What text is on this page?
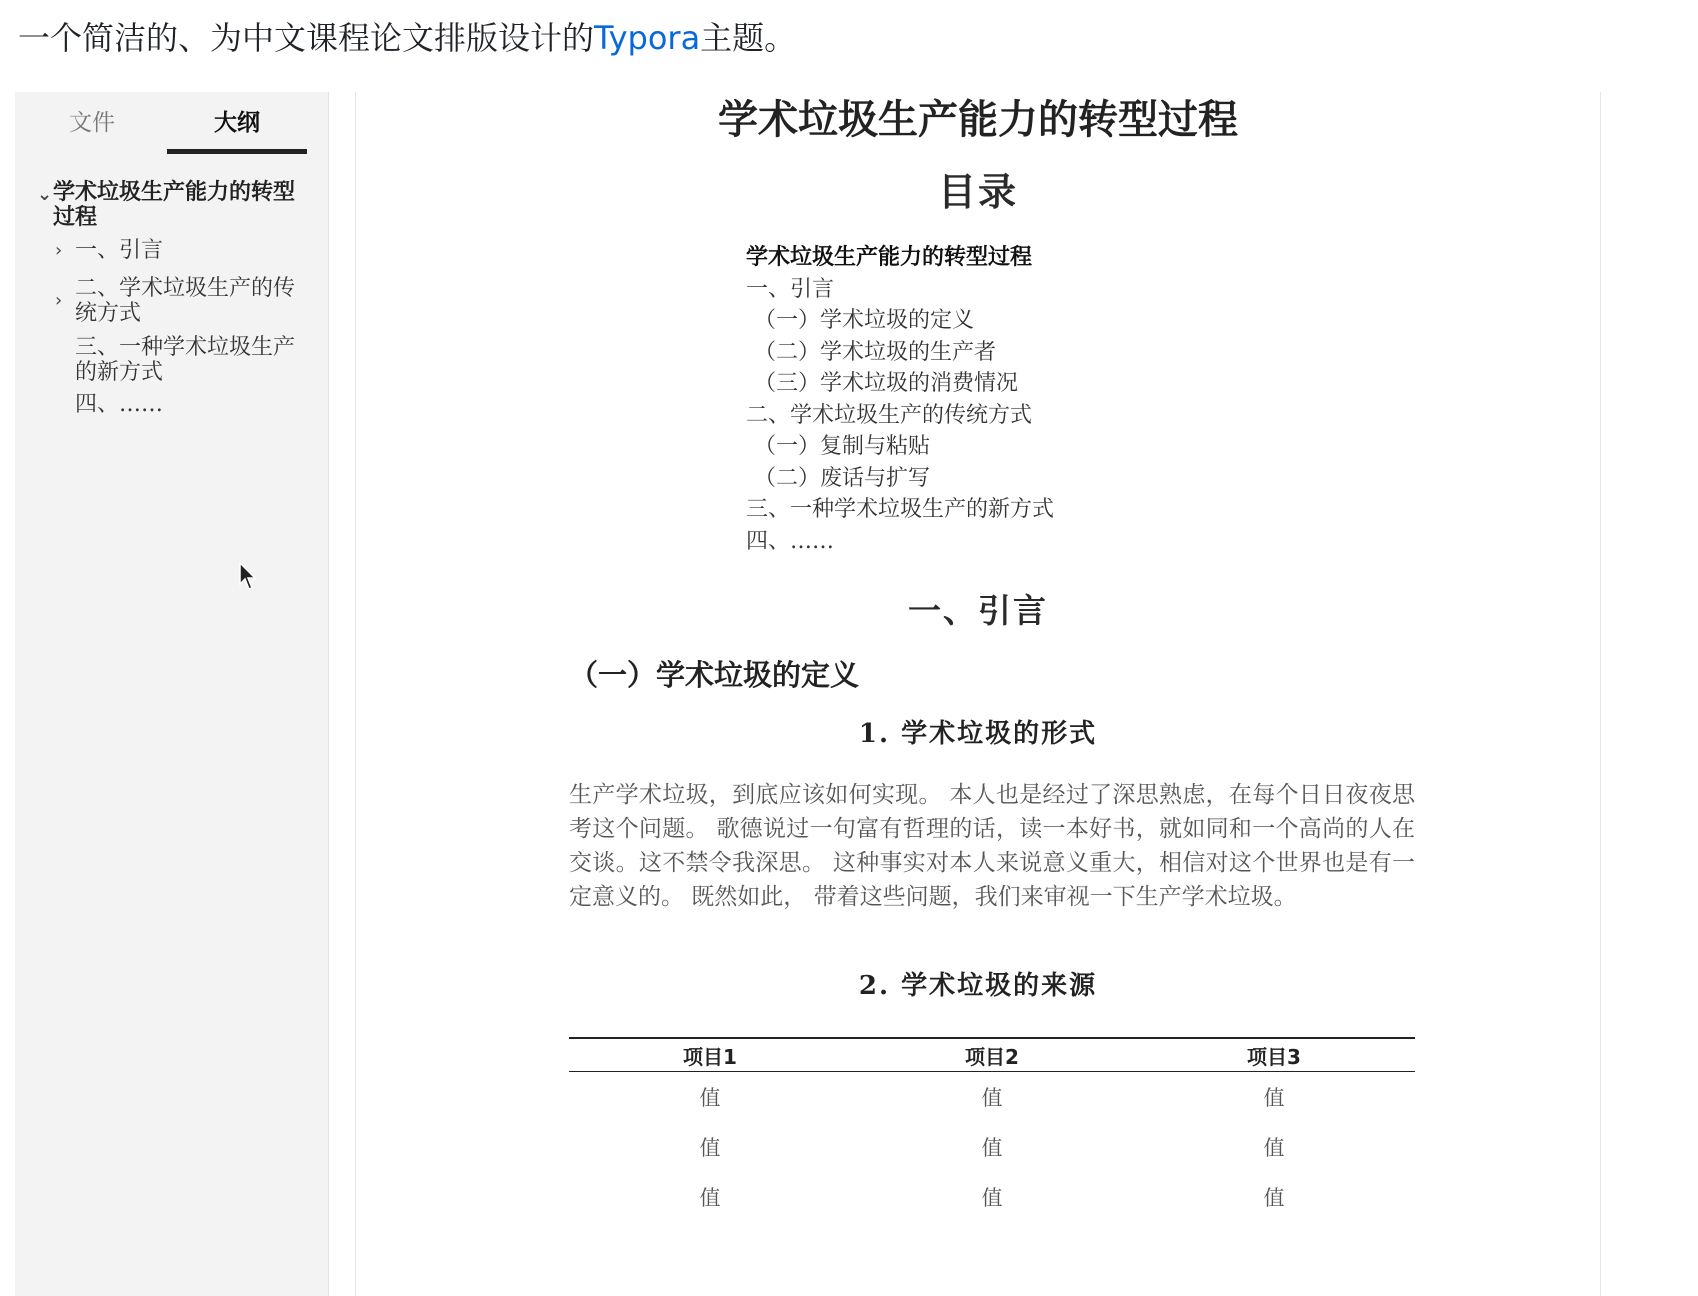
一个简洁的、为中文课程论文排版设计的Typora主题。
文件	大纲
⌄ 学术垃圾生产能力的转型过程
› 一、引言
› 二、学术垃圾生产的传统方式
三、一种学术垃圾生产的新方式
四、……
学术垃圾生产能力的转型过程
目录
学术垃圾生产能力的转型过程
一、引言
（一）学术垃圾的定义
（二）学术垃圾的生产者
（三）学术垃圾的消费情况
二、学术垃圾生产的传统方式
（一）复制与粘贴
（二）废话与扩写
三、一种学术垃圾生产的新方式
四、……
一、引言
（一）学术垃圾的定义
1. 学术垃圾的形式
生产学术垃圾，到底应该如何实现。 本人也是经过了深思熟虑，在每个日日夜夜思考这个问题。 歌德说过一句富有哲理的话，读一本好书，就如同和一个高尚的人在交谈。这不禁令我深思。 这种事实对本人来说意义重大，相信对这个世界也是有一定意义的。 既然如此， 带着这些问题，我们来审视一下生产学术垃圾。
2. 学术垃圾的来源
项目1	项目2	项目3
值	值	值
值	值	值
值	值	值
